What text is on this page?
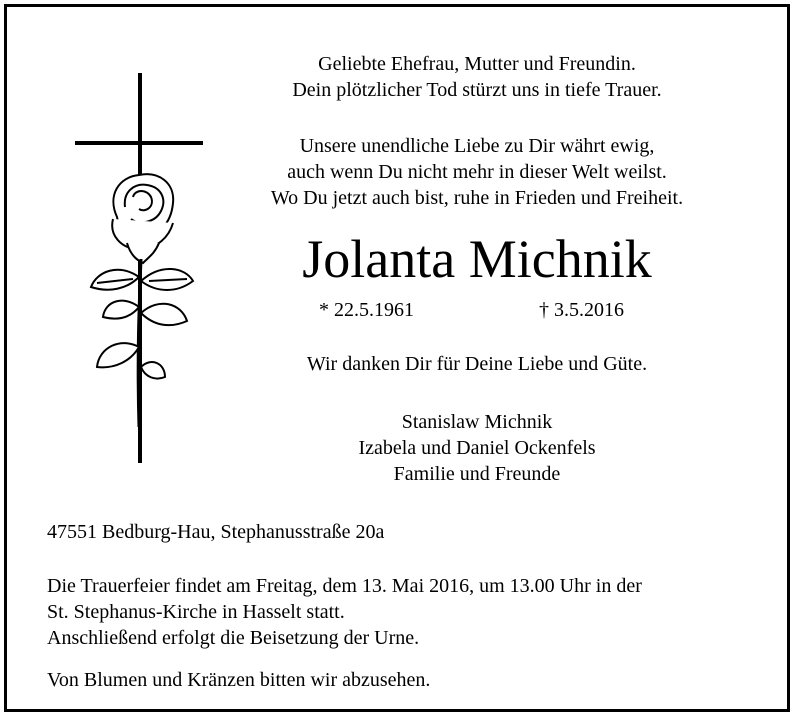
Geliebte Ehefrau, Mutter und Freundin.
Dein plötzlicher Tod stürzt uns in tiefe Trauer.

Unsere unendliche Liebe zu Dir währt ewig,
auch wenn Du nicht mehr in dieser Welt weilst.
Wo Du jetzt auch bist, ruhe in Frieden und Freiheit.

Jolanta Michnik
* 22.5.1961	† 3.5.2016

Wir danken Dir für Deine Liebe und Güte.

Stanislaw Michnik
Izabela und Daniel Ockenfels
Familie und Freunde

47551 Bedburg-Hau, Stephanusstraße 20a

Die Trauerfeier findet am Freitag, dem 13. Mai 2016, um 13.00 Uhr in der
St. Stephanus-Kirche in Hasselt statt.
Anschließend erfolgt die Beisetzung der Urne.

Von Blumen und Kränzen bitten wir abzusehen.
